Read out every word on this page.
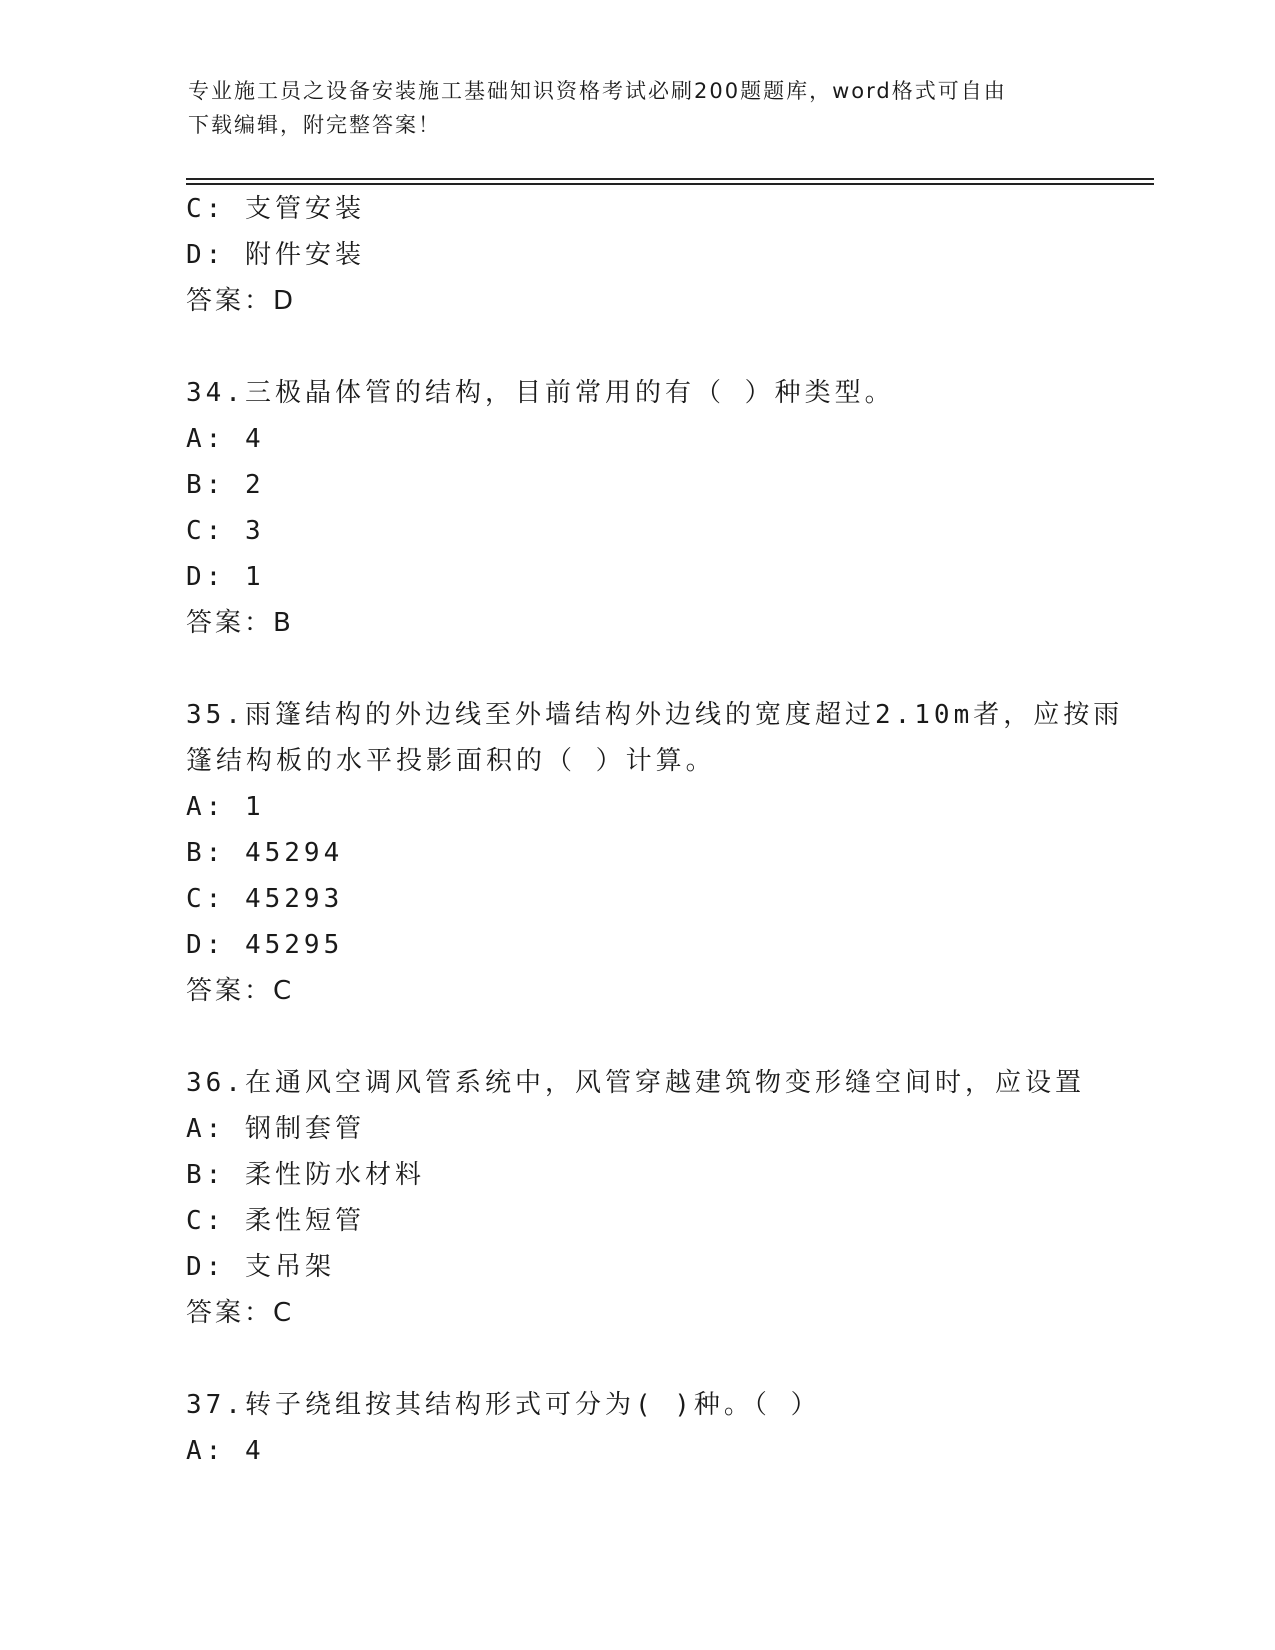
专业施工员之设备安装施工基础知识资格考试必刷200题题库，word格式可自由
下载编辑，附完整答案！
C: 支管安装
D: 附件安装
答案：D
34.三极晶体管的结构，目前常用的有（ ）种类型。
A: 4
B: 2
C: 3
D: 1
答案：B
35.雨篷结构的外边线至外墙结构外边线的宽度超过2.10m者，应按雨
篷结构板的水平投影面积的（ ）计算。
A: 1
B: 45294
C: 45293
D: 45295
答案：C
36.在通风空调风管系统中，风管穿越建筑物变形缝空间时，应设置
A: 钢制套管
B: 柔性防水材料
C: 柔性短管
D: 支吊架
答案：C
37.转子绕组按其结构形式可分为( )种。（ ）
A: 4
